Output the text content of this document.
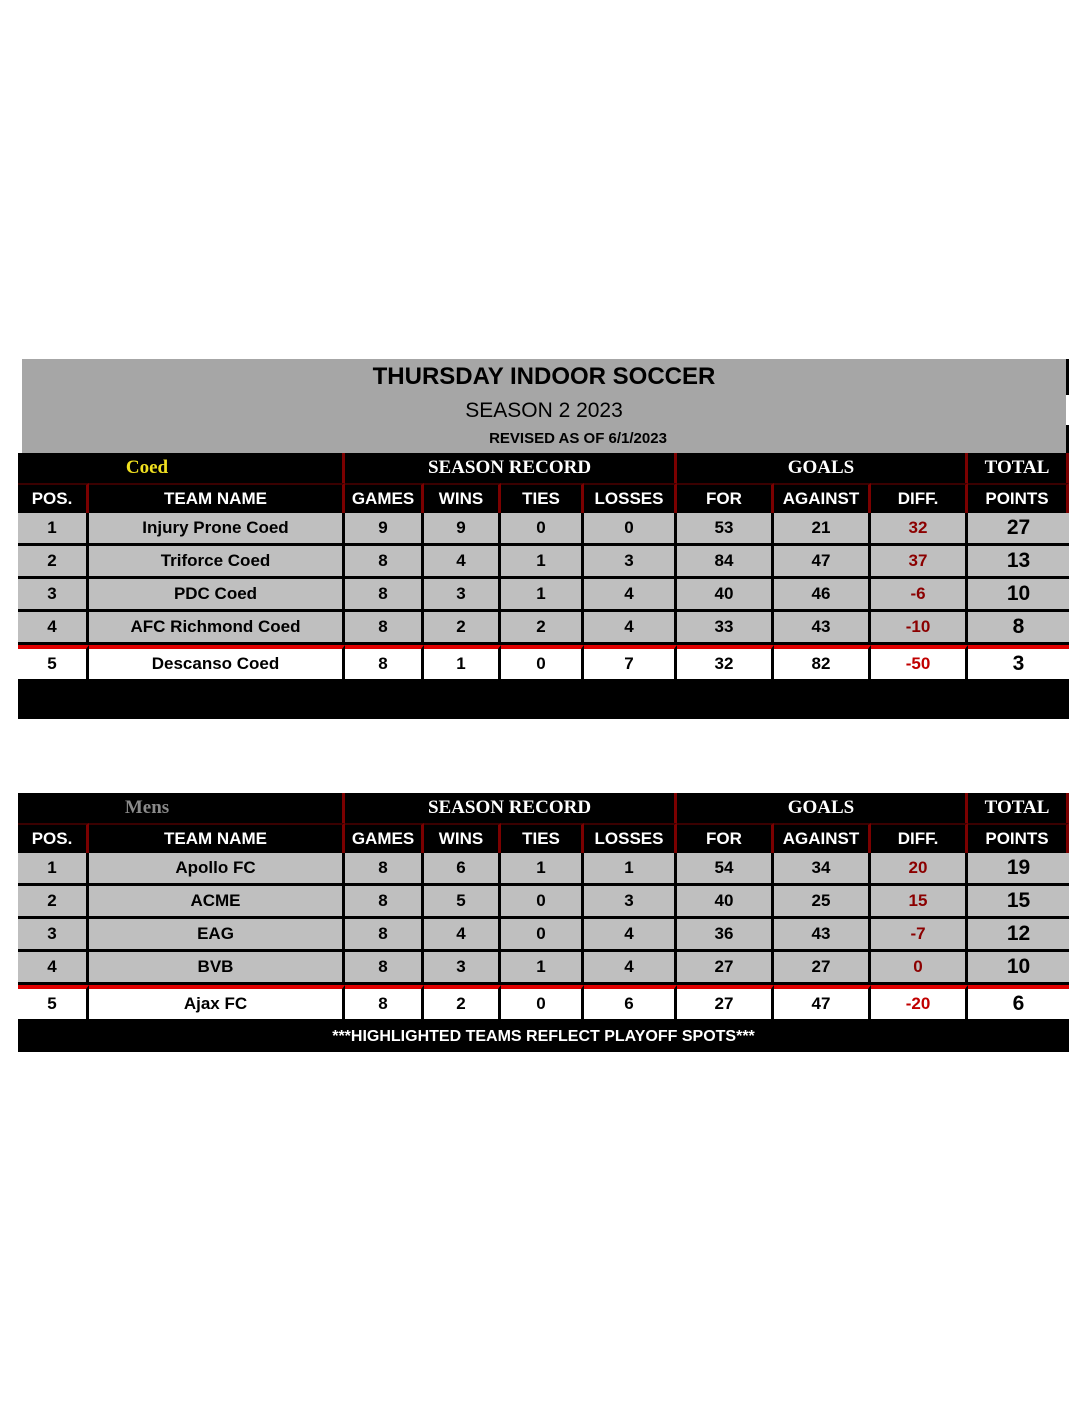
THURSDAY INDOOR SOCCER
SEASON 2 2023
REVISED AS OF 6/1/2023
Coed		SEASON RECORD				GOALS			TOTAL
POS.	TEAM NAME	GAMES	WINS	TIES	LOSSES	FOR	AGAINST	DIFF.	POINTS
1	Injury Prone Coed	9	9	0	0	53	21	32	27
2	Triforce Coed	8	4	1	3	84	47	37	13
3	PDC Coed	8	3	1	4	40	46	-6	10
4	AFC Richmond Coed	8	2	2	4	33	43	-10	8
5	Descanso Coed	8	1	0	7	32	82	-50	3

Mens		SEASON RECORD				GOALS			TOTAL
POS.	TEAM NAME	GAMES	WINS	TIES	LOSSES	FOR	AGAINST	DIFF.	POINTS
1	Apollo FC	8	6	1	1	54	34	20	19
2	ACME	8	5	0	3	40	25	15	15
3	EAG	8	4	0	4	36	43	-7	12
4	BVB	8	3	1	4	27	27	0	10
5	Ajax FC	8	2	0	6	27	47	-20	6
***HIGHLIGHTED TEAMS REFLECT PLAYOFF SPOTS***									
